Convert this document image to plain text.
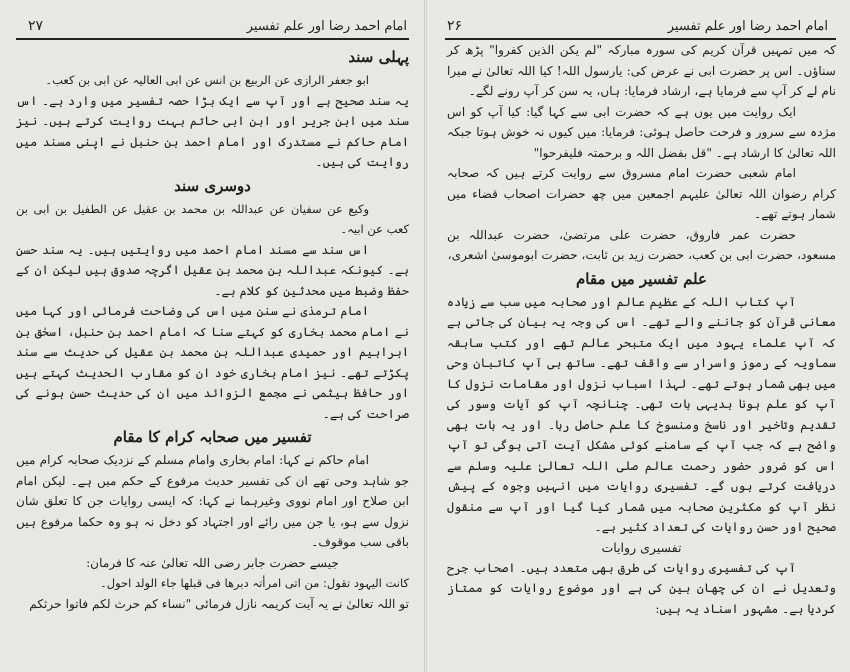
۲۷	امام احمد رضا اور علم تفسیر

پہلی سند

ابو جعفر الرازی عن الربیع بن انس عن ابی العالیہ عن ابی بن کعب۔

یہ سند صحیح ہے اور آپ سے ایک بڑا حصہ تفسیر میں وارد ہے۔ اس سند میں ابن جریر اور ابن ابی حاتم بہت روایت کرتے ہیں۔ نیز امام حاکم نے مستدرک اور امام احمد بن حنبل نے اپنی مسند میں روایت کی ہیں۔

دوسری سند

وکیع عن سفیان عن عبداللہ بن محمد بن عقیل عن الطفیل بن ابی بن کعب عن ابیہ۔

اس سند سے مسند امام احمد میں روایتیں ہیں۔ یہ سند حسن ہے۔ کیونکہ عبداللہ بن محمد بن عقیل اگرچہ صدوق ہیں لیکن ان کے حفظ وضبط میں محدثین کو کلام ہے۔

امام ترمذی نے سنن میں اس کی وضاحت فرمائی اور کہا میں نے امام محمد بخاری کو کہتے سنا کہ امام احمد بن حنبل، اسحٰق بن ابراہیم اور حمیدی عبداللہ بن محمد بن عقیل کی حدیث سے سند پکڑتے تھے۔ نیز امام بخاری خود ان کو مقارب الحدیث کہتے ہیں اور حافظ ہیثمی نے مجمع الزوائد میں ان کی حدیث حسن ہونے کی صراحت کی ہے۔

تفسیر میں صحابہ کرام کا مقام

امام حاکم نے کہا: امام بخاری وامام مسلم کے نزدیک صحابہ کرام میں جو شاہد وحی تھے ان کی تفسیر حدیث مرفوع کے حکم میں ہے۔ لیکن امام ابن صلاح اور امام نووی وغیرہما نے کہا: کہ ایسی روایات جن کا تعلق شان نزول سے ہو، یا جن میں رائے اور اجتہاد کو دخل نہ ہو وہ حکما مرفوع ہیں باقی سب موقوف۔

جیسے حضرت جابر رضی اللہ تعالیٰ عنہ کا فرمان:

کانت الیہود تقول: من اتی امرأتہ دبرھا فی قبلھا جاء الولد احول۔

تو اللہ تعالیٰ نے یہ آیت کریمہ نازل فرمائی "نساء کم حرث لکم فاتوا حرثکم

۲۶	امام احمد رضا اور علم تفسیر

کہ میں تمہیں قرآن کریم کی سورہ مبارکہ "لم یکن الذین کفروا" پڑھ کر سناؤں۔ اس پر حضرت ابی نے عرض کی: یارسول اللہ! کیا اللہ تعالیٰ نے میرا نام لے کر آپ سے فرمایا ہے، ارشاد فرمایا: ہاں، یہ سن کر آپ رونے لگے۔

ایک روایت میں یوں ہے کہ حضرت ابی سے کہا گیا: کیا آپ کو اس مژدہ سے سرور و فرحت حاصل ہوئی: فرمایا: میں کیوں نہ خوش ہوتا جبکہ اللہ تعالیٰ کا ارشاد ہے۔ "قل بفضل اللہ و برحمتہ فلیفرحوا"

امام شعبی حضرت امام مسروق سے روایت کرتے ہیں کہ صحابہ کرام رضوان اللہ تعالیٰ علیہم اجمعین میں چھ حضرات اصحاب قضاء میں شمار ہوتے تھے۔

حضرت عمر فاروق، حضرت علی مرتضیٰ، حضرت عبداللہ بن مسعود، حضرت ابی بن کعب، حضرت زید بن ثابت، حضرت ابوموسیٰ اشعری،

علم تفسیر میں مقام

آپ کتاب اللہ کے عظیم عالم اور صحابہ میں سب سے زیادہ معانی قرآن کو جاننے والے تھے۔ اس کی وجہ یہ بیان کی جاتی ہے کہ آپ علماء یہود میں ایک متبحر عالم تھے اور کتب سابقہ سماویہ کے رموز واسرار سے واقف تھے۔ ساتھ ہی آپ کاتبان وحی میں بھی شمار ہوتے تھے۔ لہذا اسباب نزول اور مقامات نزول کا آپ کو علم ہونا بدیہی بات تھی۔ چنانچہ آپ کو آیات وسور کی تقدیم وتاخیر اور ناسخ ومنسوخ کا علم حاصل رہا۔ اور یہ بات بھی واضح ہے کہ جب آپ کے سامنے کوئی مشکل آیت آتی ہوگی تو آپ اس کو ضرور حضور رحمت عالم صلی اللہ تعالیٰ علیہ وسلم سے دریافت کرتے ہوں گے۔ تفسیری روایات میں انہیں وجوہ کے پیش نظر آپ کو مکثرین صحابہ میں شمار کیا گیا اور آپ سے منقول صحیح اور حسن روایات کی تعداد کثیر ہے۔

تفسیری روایات

آپ کی تفسیری روایات کی طرق بھی متعدد ہیں۔ اصحاب جرح وتعدیل نے ان کی چھان بین کی ہے اور موضوع روایات کو ممتاز کردیا ہے۔ مشہور اسناد یہ ہیں:
